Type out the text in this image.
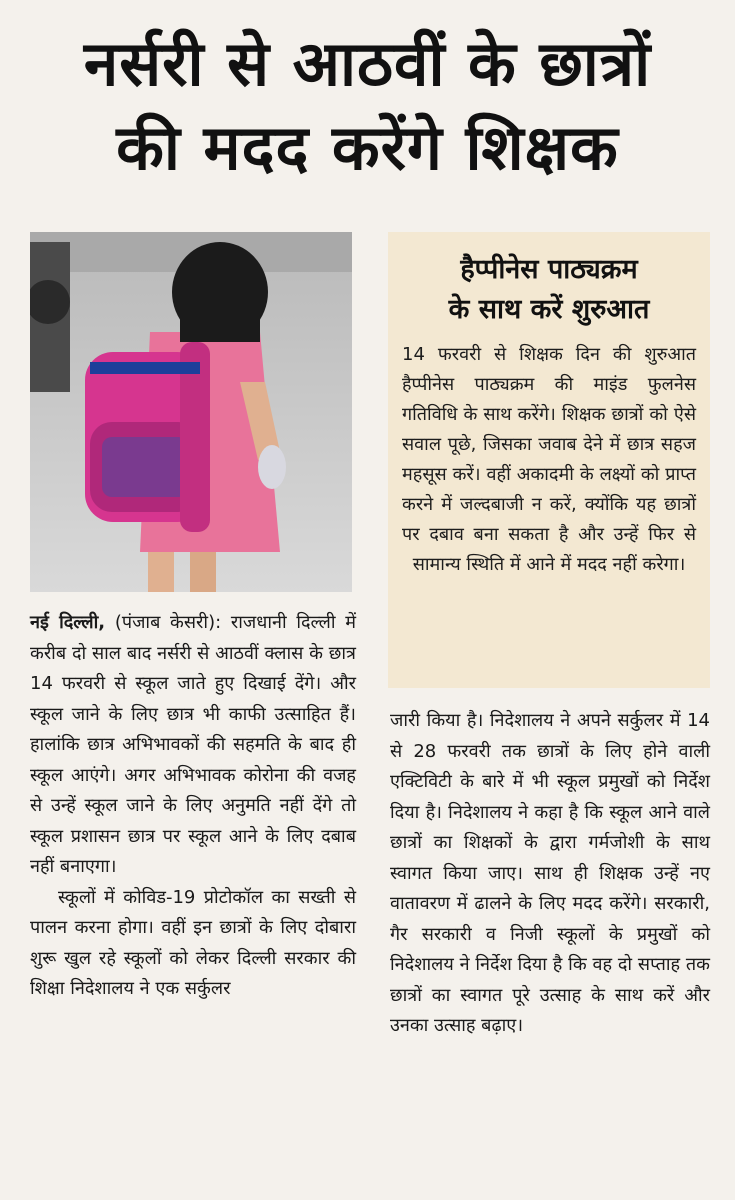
नर्सरी से आठवीं के छात्रों
की मदद करेंगे शिक्षक
हैप्पीनेस पाठ्यक्रम
के साथ करें शुरुआत

14 फरवरी से शिक्षक दिन की शुरुआत हैप्पीनेस पाठ्यक्रम की माइंड फुलनेस गतिविधि के साथ करेंगे। शिक्षक छात्रों को ऐसे सवाल पूछे, जिसका जवाब देने में छात्र सहज महसूस करें। वहीं अकादमी के लक्ष्यों को प्राप्त करने में जल्दबाजी न करें, क्योंकि यह छात्रों पर दबाव बना सकता है और उन्हें फिर से सामान्य स्थिति में आने में मदद नहीं करेगा।

नई दिल्ली, (पंजाब केसरी): राजधानी दिल्ली में करीब दो साल बाद नर्सरी से आठवीं क्लास के छात्र 14 फरवरी से स्कूल जाते हुए दिखाई देंगे। और स्कूल जाने के लिए छात्र भी काफी उत्साहित हैं। हालांकि छात्र अभिभावकों की सहमति के बाद ही स्कूल आएंगे। अगर अभिभावक कोरोना की वजह से उन्हें स्कूल जाने के लिए अनुमति नहीं देंगे तो स्कूल प्रशासन छात्र पर स्कूल आने के लिए दबाब नहीं बनाएगा।

स्कूलों में कोविड-19 प्रोटोकॉल का सख्ती से पालन करना होगा। वहीं इन छात्रों के लिए दोबारा शुरू खुल रहे स्कूलों को लेकर दिल्ली सरकार की शिक्षा निदेशालय ने एक सर्कुलर

जारी किया है। निदेशालय ने अपने सर्कुलर में 14 से 28 फरवरी तक छात्रों के लिए होने वाली एक्टिविटी के बारे में भी स्कूल प्रमुखों को निर्देश दिया है। निदेशालय ने कहा है कि स्कूल आने वाले छात्रों का शिक्षकों के द्वारा गर्मजोशी के साथ स्वागत किया जाए। साथ ही शिक्षक उन्हें नए वातावरण में ढालने के लिए मदद करेंगे। सरकारी, गैर सरकारी व निजी स्कूलों के प्रमुखों को निदेशालय ने निर्देश दिया है कि वह दो सप्ताह तक छात्रों का स्वागत पूरे उत्साह के साथ करें और उनका उत्साह बढ़ाए।
